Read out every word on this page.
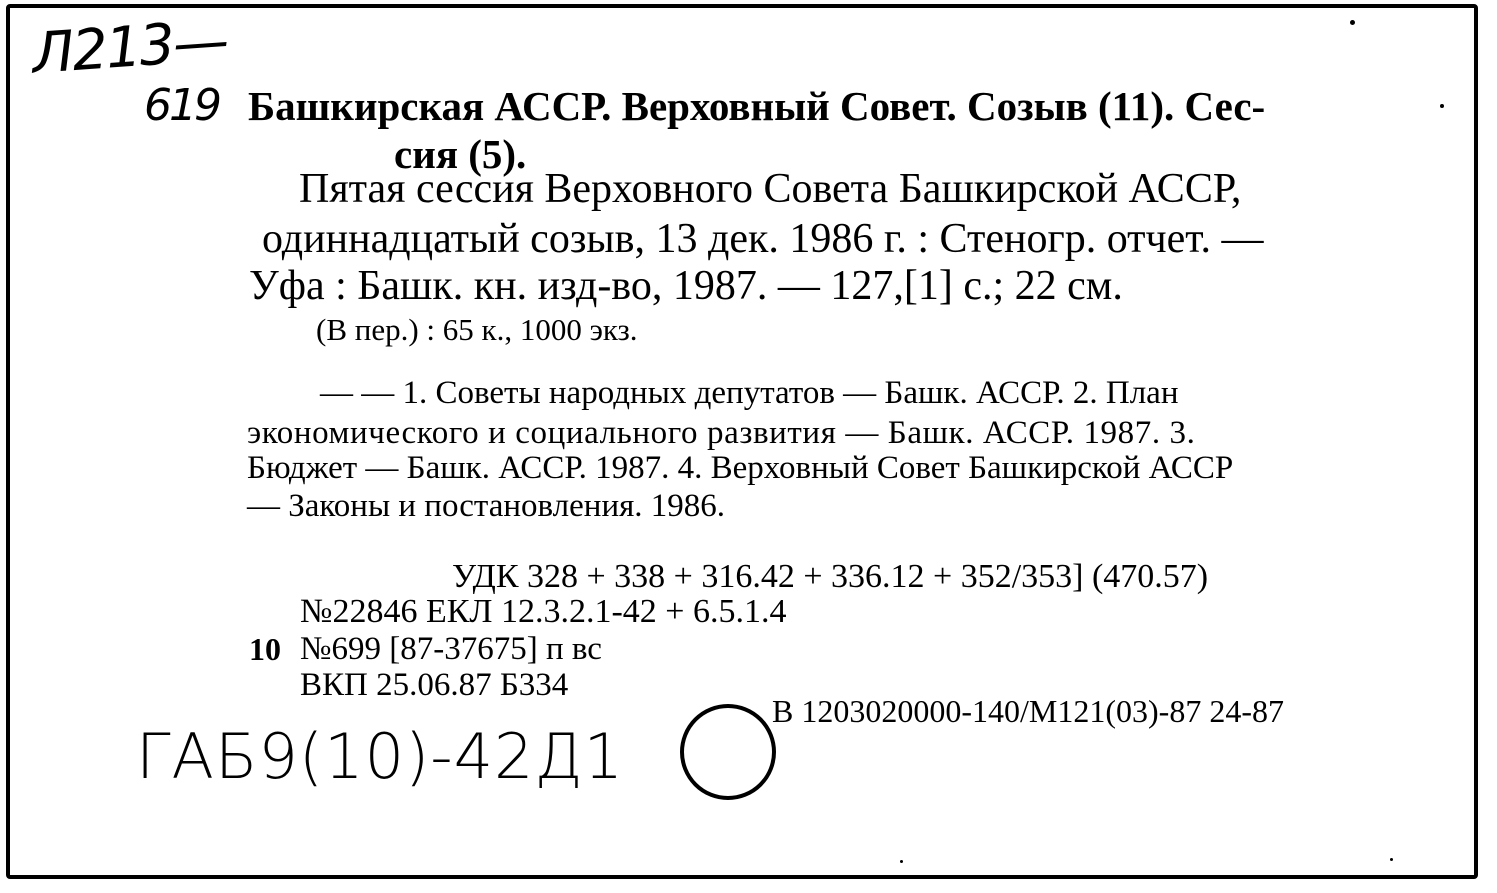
Л213—
619 Башкирская АССР. Верховный Совет. Созыв (11). Сес-
сия (5).
Пятая сессия Верховного Совета Башкирской АССР,
одиннадцатый созыв, 13 дек. 1986 г. : Стеногр. отчет. —
Уфа : Башк. кн. изд-во, 1987. — 127,[1] с.; 22 см.
(В пер.) : 65 к., 1000 экз.
— — 1. Советы народных депутатов — Башк. АССР. 2. План
экономического и социального развития — Башк. АССР. 1987. 3.
Бюджет — Башк. АССР. 1987. 4. Верховный Совет Башкирской АССР
— Законы и постановления. 1986.
УДК 328 + 338 + 316.42 + 336.12 + 352/353] (470.57)
№22846 ЕКЛ 12.3.2.1-42 + 6.5.1.4
10 №699 [87-37675] п вс
ВКП 25.06.87 Б334
В 1203020000-140/М121(03)-87 24-87
ГАБ9(10)-42Д1
